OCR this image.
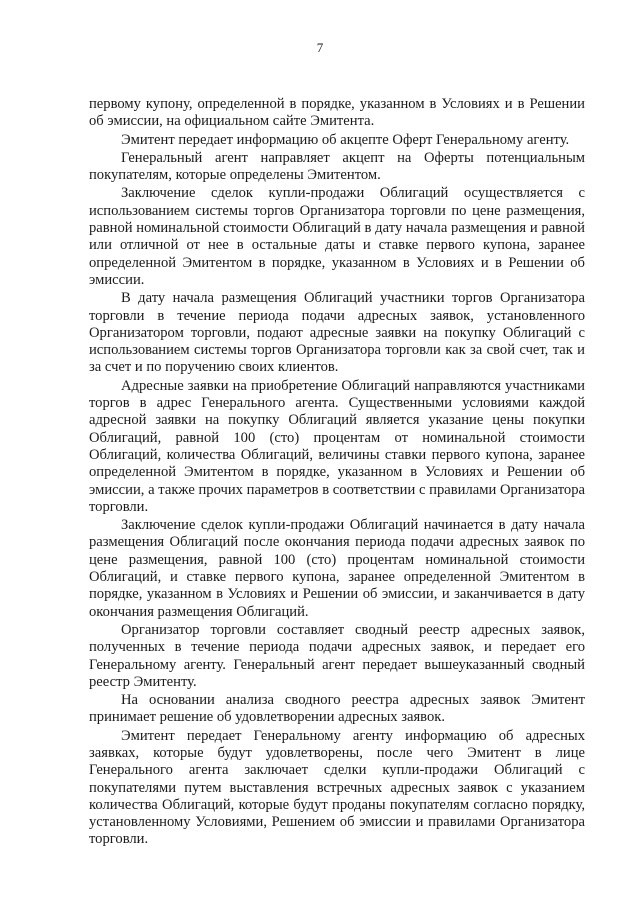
7

первому купону, определенной в порядке, указанном в Условиях и в Решении об эмиссии, на официальном сайте Эмитента.

Эмитент передает информацию об акцепте Оферт Генеральному агенту.

Генеральный агент направляет акцепт на Оферты потенциальным покупателям, которые определены Эмитентом.

Заключение сделок купли-продажи Облигаций осуществляется с использованием системы торгов Организатора торговли по цене размещения, равной номинальной стоимости Облигаций в дату начала размещения и равной или отличной от нее в остальные даты и ставке первого купона, заранее определенной Эмитентом в порядке, указанном в Условиях и в Решении об эмиссии.

В дату начала размещения Облигаций участники торгов Организатора торговли в течение периода подачи адресных заявок, установленного Организатором торговли, подают адресные заявки на покупку Облигаций с использованием системы торгов Организатора торговли как за свой счет, так и за счет и по поручению своих клиентов.

Адресные заявки на приобретение Облигаций направляются участниками торгов в адрес Генерального агента. Существенными условиями каждой адресной заявки на покупку Облигаций является указание цены покупки Облигаций, равной 100 (сто) процентам от номинальной стоимости Облигаций, количества Облигаций, величины ставки первого купона, заранее определенной Эмитентом в порядке, указанном в Условиях и Решении об эмиссии, а также прочих параметров в соответствии с правилами Организатора торговли.

Заключение сделок купли-продажи Облигаций начинается в дату начала размещения Облигаций после окончания периода подачи адресных заявок по цене размещения, равной 100 (сто) процентам номинальной стоимости Облигаций, и ставке первого купона, заранее определенной Эмитентом в порядке, указанном в Условиях и Решении об эмиссии, и заканчивается в дату окончания размещения Облигаций.

Организатор торговли составляет сводный реестр адресных заявок, полученных в течение периода подачи адресных заявок, и передает его Генеральному агенту. Генеральный агент передает вышеуказанный сводный реестр Эмитенту.

На основании анализа сводного реестра адресных заявок Эмитент принимает решение об удовлетворении адресных заявок.

Эмитент передает Генеральному агенту информацию об адресных заявках, которые будут удовлетворены, после чего Эмитент в лице Генерального агента заключает сделки купли-продажи Облигаций с покупателями путем выставления встречных адресных заявок с указанием количества Облигаций, которые будут проданы покупателям согласно порядку, установленному Условиями, Решением об эмиссии и правилами Организатора торговли.
